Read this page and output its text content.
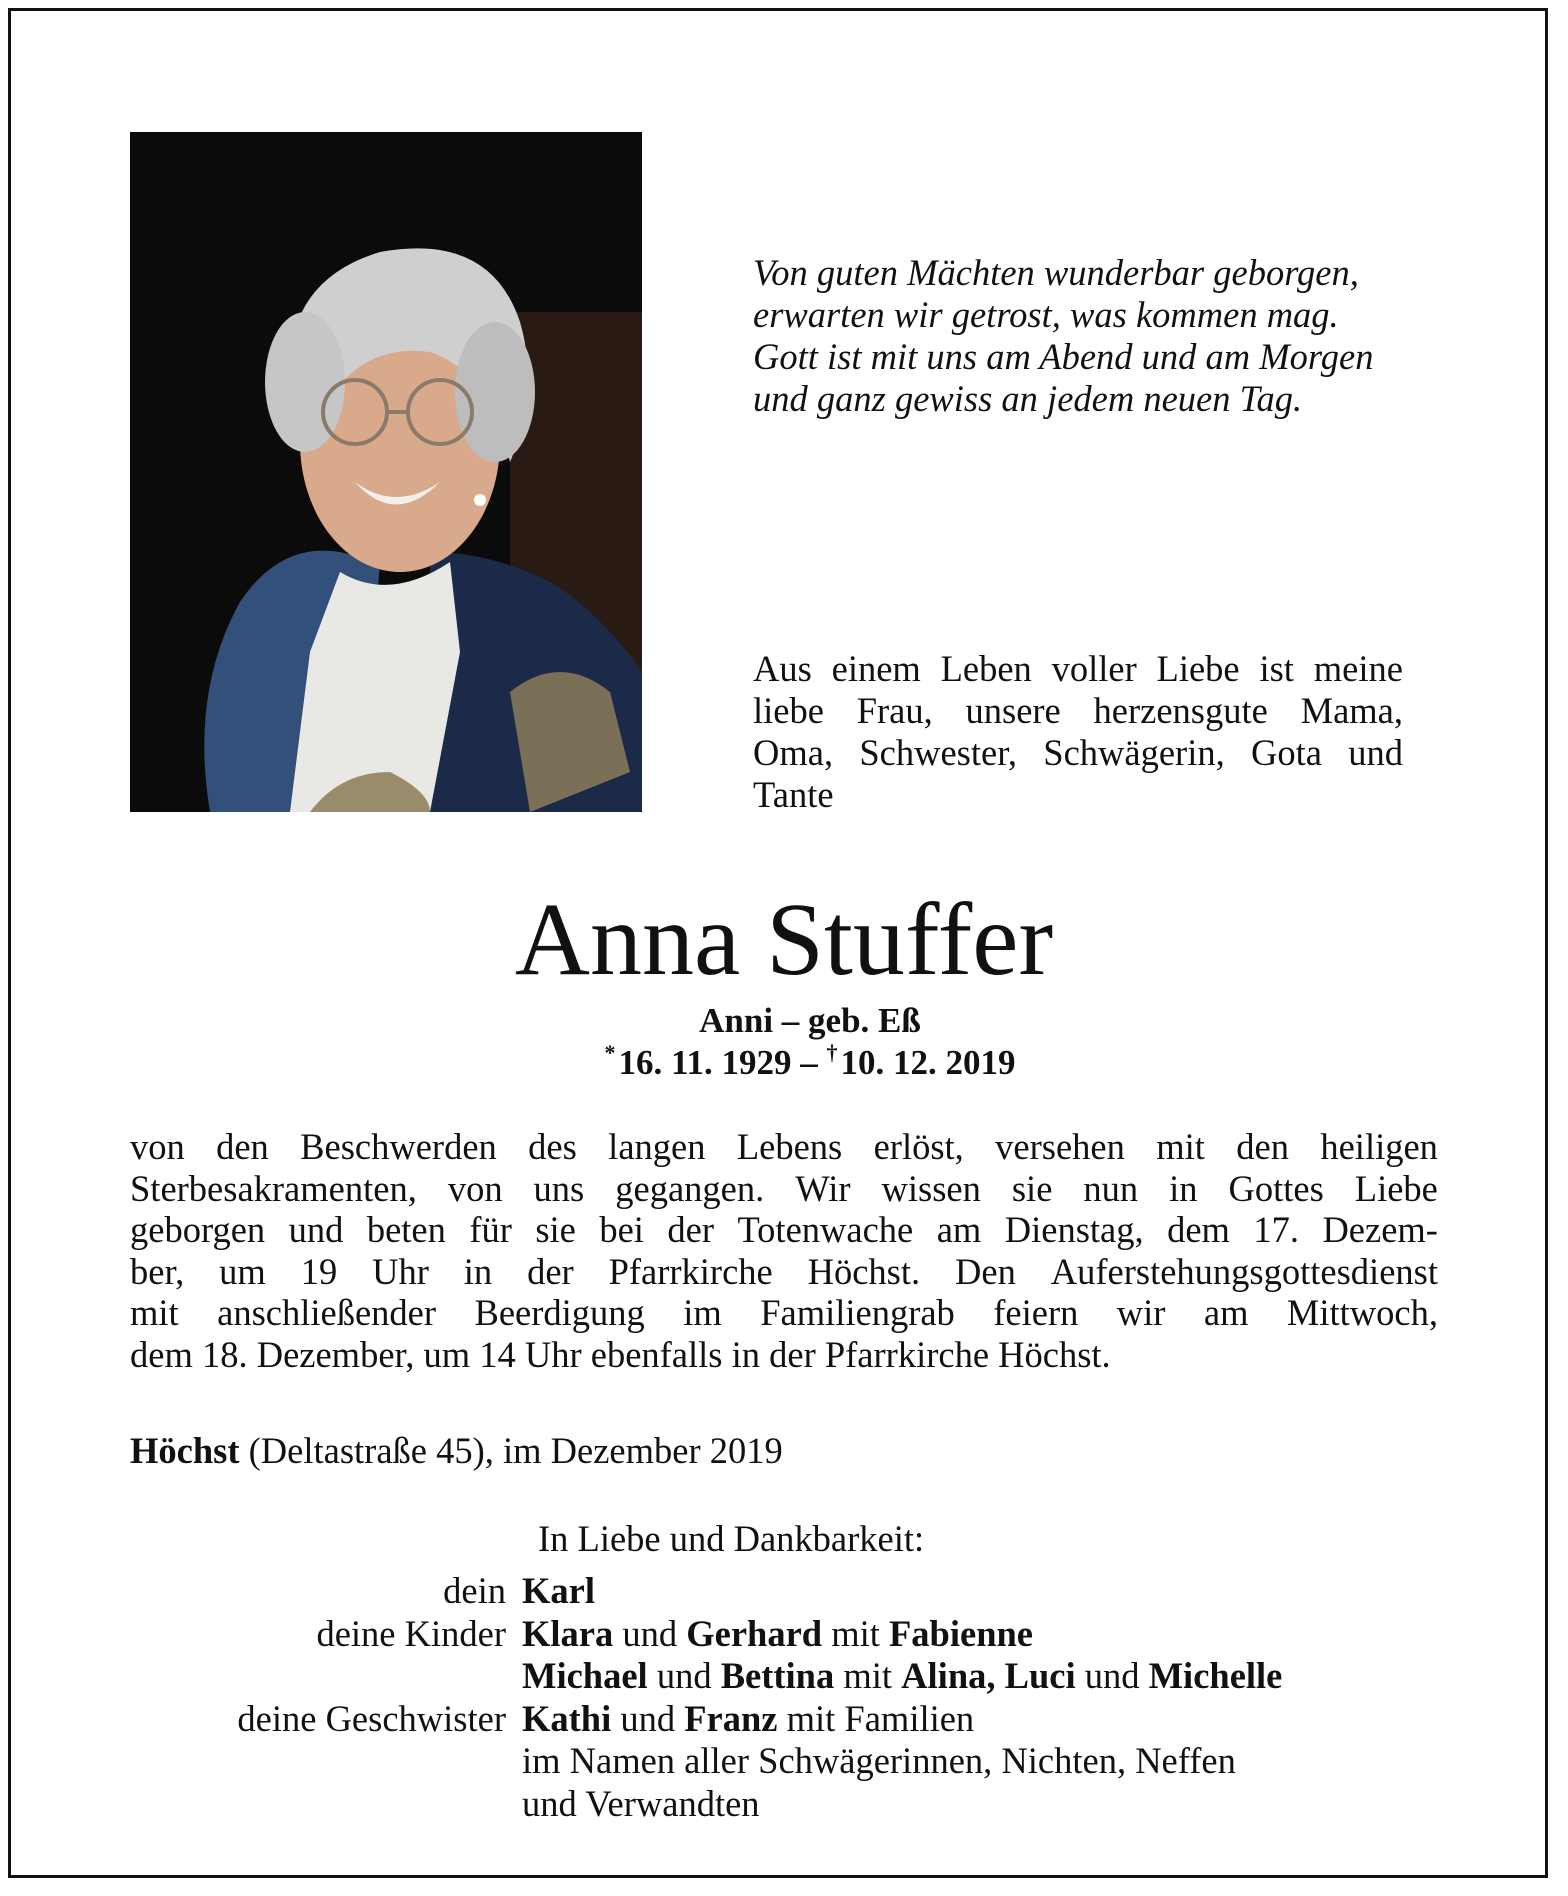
Von guten Mächten wunderbar geborgen,
erwarten wir getrost, was kommen mag.
Gott ist mit uns am Abend und am Morgen
und ganz gewiss an jedem neuen Tag.
Aus einem Leben voller Liebe ist meine
liebe Frau, unsere herzensgute Mama,
Oma, Schwester, Schwägerin, Gota und
Tante
Anna Stuffer
Anni – geb. Eß
* 16. 11. 1929 – † 10. 12. 2019
von den Beschwerden des langen Lebens erlöst, versehen mit den heiligen
Sterbesakramenten, von uns gegangen. Wir wissen sie nun in Gottes Liebe
geborgen und beten für sie bei der Totenwache am Dienstag, dem 17. Dezem-
ber, um 19 Uhr in der Pfarrkirche Höchst. Den Auferstehungsgottesdienst
mit anschließender Beerdigung im Familiengrab feiern wir am Mittwoch,
dem 18. Dezember, um 14 Uhr ebenfalls in der Pfarrkirche Höchst.
Höchst (Deltastraße 45), im Dezember 2019
In Liebe und Dankbarkeit:
dein Karl
deine Kinder Klara und Gerhard mit Fabienne
Michael und Bettina mit Alina, Luci und Michelle
deine Geschwister Kathi und Franz mit Familien
im Namen aller Schwägerinnen, Nichten, Neffen
und Verwandten
